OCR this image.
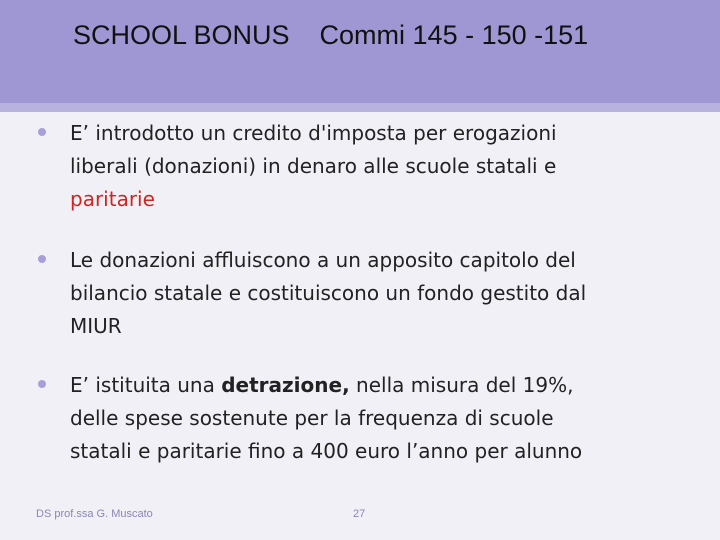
SCHOOL BONUS    Commi 145 - 150 -151
E’ introdotto un credito d'imposta per erogazioni
liberali (donazioni) in denaro alle scuole statali e
paritarie
Le donazioni affluiscono a un apposito capitolo del
bilancio statale e costituiscono un fondo gestito dal
MIUR
E’ istituita una detrazione, nella misura del 19%,
delle spese sostenute per la frequenza di scuole
statali e paritarie fino a 400 euro l’anno per alunno
DS prof.ssa G. Muscato	27
